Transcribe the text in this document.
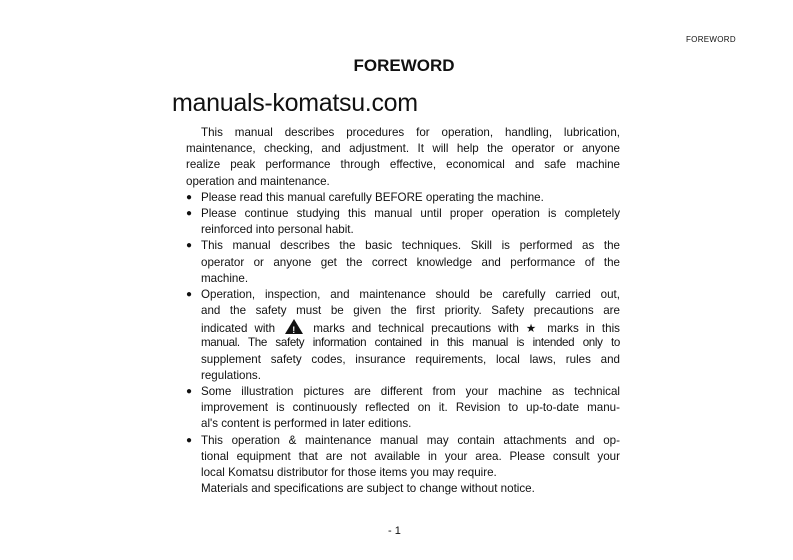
FOREWORD
FOREWORD
This manual describes procedures for operation, handling, lubrication,
maintenance, checking, and adjustment. It will help the operator or anyone
realize peak performance through effective, economical and safe machine
operation and maintenance.
● Please read this manual carefully BEFORE operating the machine.
● Please continue studying this manual until proper operation is completely
reinforced into personal habit.
● This manual describes the basic techniques. Skill is performed as the
operator or anyone get the correct knowledge and performance of the
machine.
● Operation, inspection, and maintenance should be carefully carried out,
and the safety must be given the first priority. Safety precautions are
indicated with ! marks and technical precautions with ★ marks in this
manual. The safety information contained in this manual is intended only to
supplement safety codes, insurance requirements, local laws, rules and
regulations.
● Some illustration pictures are different from your machine as technical
improvement is continuously reflected on it. Revision to up-to-date manu-
al's content is performed in later editions.
● This operation & maintenance manual may contain attachments and op-
tional equipment that are not available in your area. Please consult your
local Komatsu distributor for those items you may require.
Materials and specifications are subject to change without notice.
manuals-komatsu.com
- 1
